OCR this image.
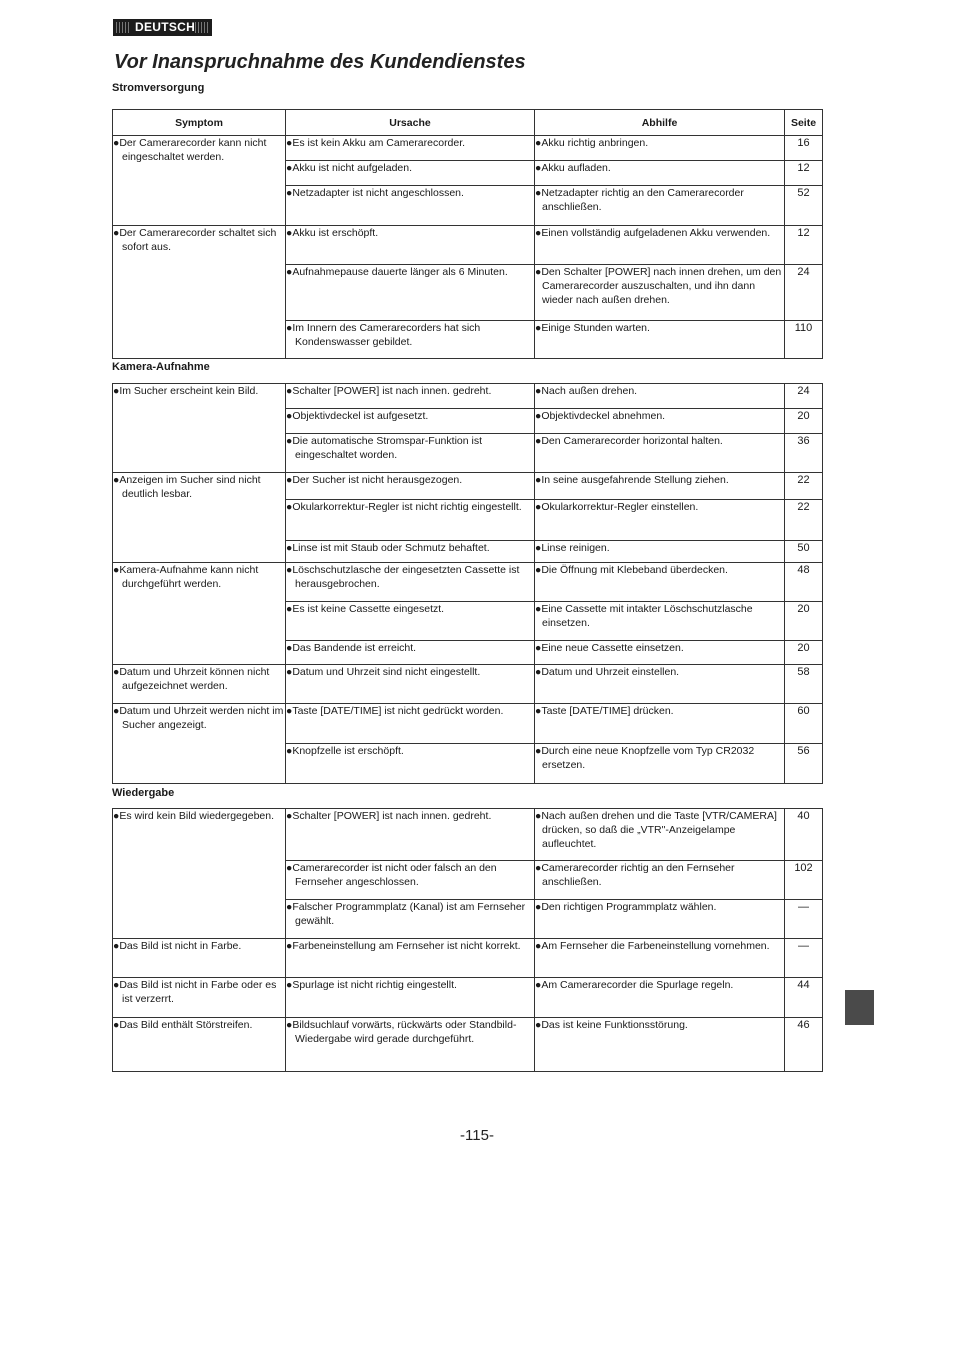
DEUTSCH
Vor Inanspruchnahme des Kundendienstes
Stromversorgung
Symptom	Ursache	Abhilfe	Seite

●Der Camerarecorder kann nicht eingeschaltet werden.	●Es ist kein Akku am Camerarecorder.	●Akku richtig anbringen.	16

	●Akku ist nicht aufgeladen.	●Akku aufladen.	12

	●Netzadapter ist nicht angeschlossen.	●Netzadapter richtig an den Camerarecorder anschließen.	52

●Der Camerarecorder schaltet sich sofort aus.	●Akku ist erschöpft.	●Einen vollständig aufgeladenen Akku verwenden.	12

	●Aufnahmepause dauerte länger als 6 Minuten.	●Den Schalter [POWER] nach innen drehen, um den Camerarecorder auszuschalten, und ihn dann wieder nach außen drehen.	24

	●Im Innern des Camerarecorders hat sich Kondenswasser gebildet.	●Einige Stunden warten.	110
Kamera-Aufnahme
●Im Sucher erscheint kein Bild.	●Schalter [POWER] ist nach innen. gedreht.	●Nach außen drehen.	24

	●Objektivdeckel ist aufgesetzt.	●Objektivdeckel abnehmen.	20

	●Die automatische Stromspar-Funktion ist eingeschaltet worden.	●Den Camerarecorder horizontal halten.	36

●Anzeigen im Sucher sind nicht deutlich lesbar.	●Der Sucher ist nicht herausgezogen.	●In seine ausgefahrende Stellung ziehen.	22

	●Okularkorrektur-Regler ist nicht richtig eingestellt.	●Okularkorrektur-Regler einstellen.	22

	●Linse ist mit Staub oder Schmutz behaftet.	●Linse reinigen.	50

●Kamera-Aufnahme kann nicht durchgeführt werden.	●Löschschutzlasche der eingesetzten Cassette ist herausgebrochen.	●Die Öffnung mit Klebeband überdecken.	48

	●Es ist keine Cassette eingesetzt.	●Eine Cassette mit intakter Löschschutzlasche einsetzen.	20

	●Das Bandende ist erreicht.	●Eine neue Cassette einsetzen.	20

●Datum und Uhrzeit können nicht aufgezeichnet werden.	●Datum und Uhrzeit sind nicht eingestellt.	●Datum und Uhrzeit einstellen.	58

●Datum und Uhrzeit werden nicht im Sucher angezeigt.	●Taste [DATE/TIME] ist nicht gedrückt worden.	●Taste [DATE/TIME] drücken.	60

	●Knopfzelle ist erschöpft.	●Durch eine neue Knopfzelle vom Typ CR2032 ersetzen.	56
Wiedergabe
●Es wird kein Bild wiedergegeben.	●Schalter [POWER] ist nach innen. gedreht.	●Nach außen drehen und die Taste [VTR/CAMERA] drücken, so daß die „VTR"-Anzeigelampe aufleuchtet.	40

	●Camerarecorder ist nicht oder falsch an den Fernseher angeschlossen.	●Camerarecorder richtig an den Fernseher anschließen.	102

	●Falscher Programmplatz (Kanal) ist am Fernseher gewählt.	●Den richtigen Programmplatz wählen.	—

●Das Bild ist nicht in Farbe.	●Farbeneinstellung am Fernseher ist nicht korrekt.	●Am Fernseher die Farbeneinstellung vornehmen.	—

●Das Bild ist nicht in Farbe oder es ist verzerrt.	●Spurlage ist nicht richtig eingestellt.	●Am Camerarecorder die Spurlage regeln.	44

●Das Bild enthält Störstreifen.	●Bildsuchlauf vorwärts, rückwärts oder Standbild-Wiedergabe wird gerade durchgeführt.	●Das ist keine Funktionsstörung.	46
-115-
